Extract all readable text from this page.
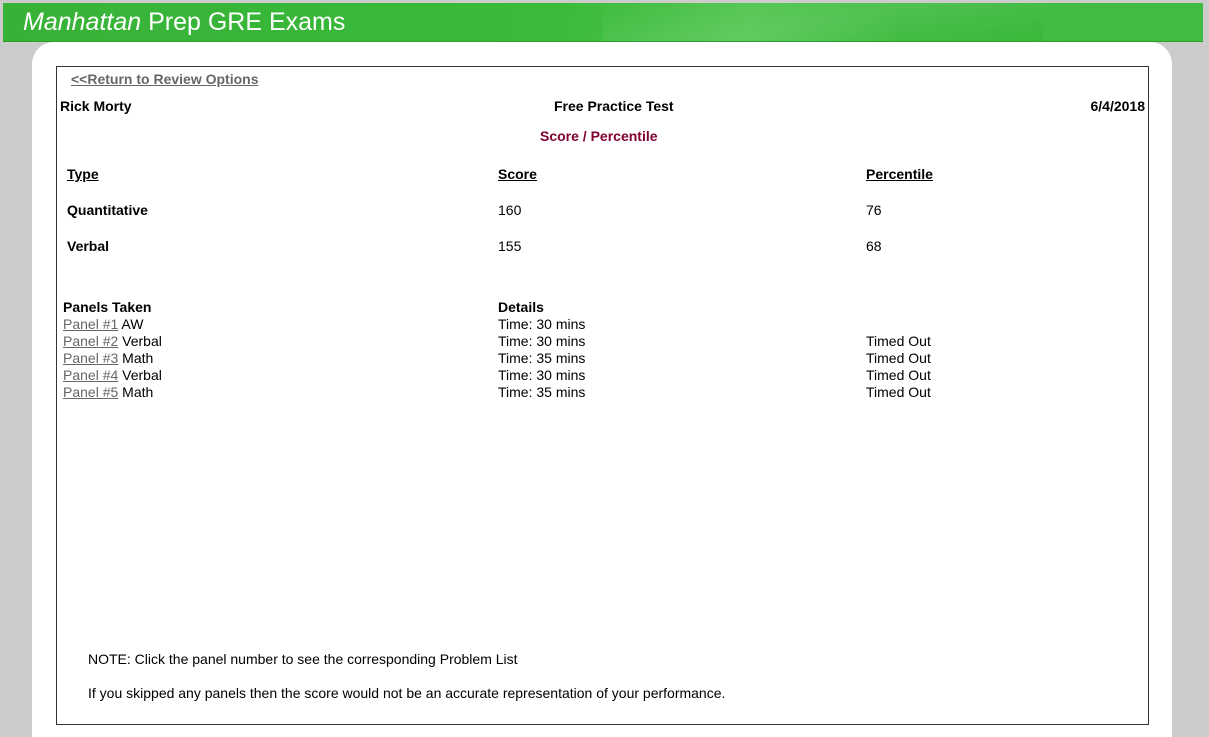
Manhattan Prep GRE Exams
<<Return to Review Options
Rick Morty	Free Practice Test	6/4/2018
Score / Percentile
Type	Score	Percentile
Quantitative	160	76
Verbal	155	68
Panels Taken	Details
Panel #1 AW	Time: 30 mins
Panel #2 Verbal	Time: 30 mins	Timed Out
Panel #3 Math	Time: 35 mins	Timed Out
Panel #4 Verbal	Time: 30 mins	Timed Out
Panel #5 Math	Time: 35 mins	Timed Out
NOTE: Click the panel number to see the corresponding Problem List
If you skipped any panels then the score would not be an accurate representation of your performance.
